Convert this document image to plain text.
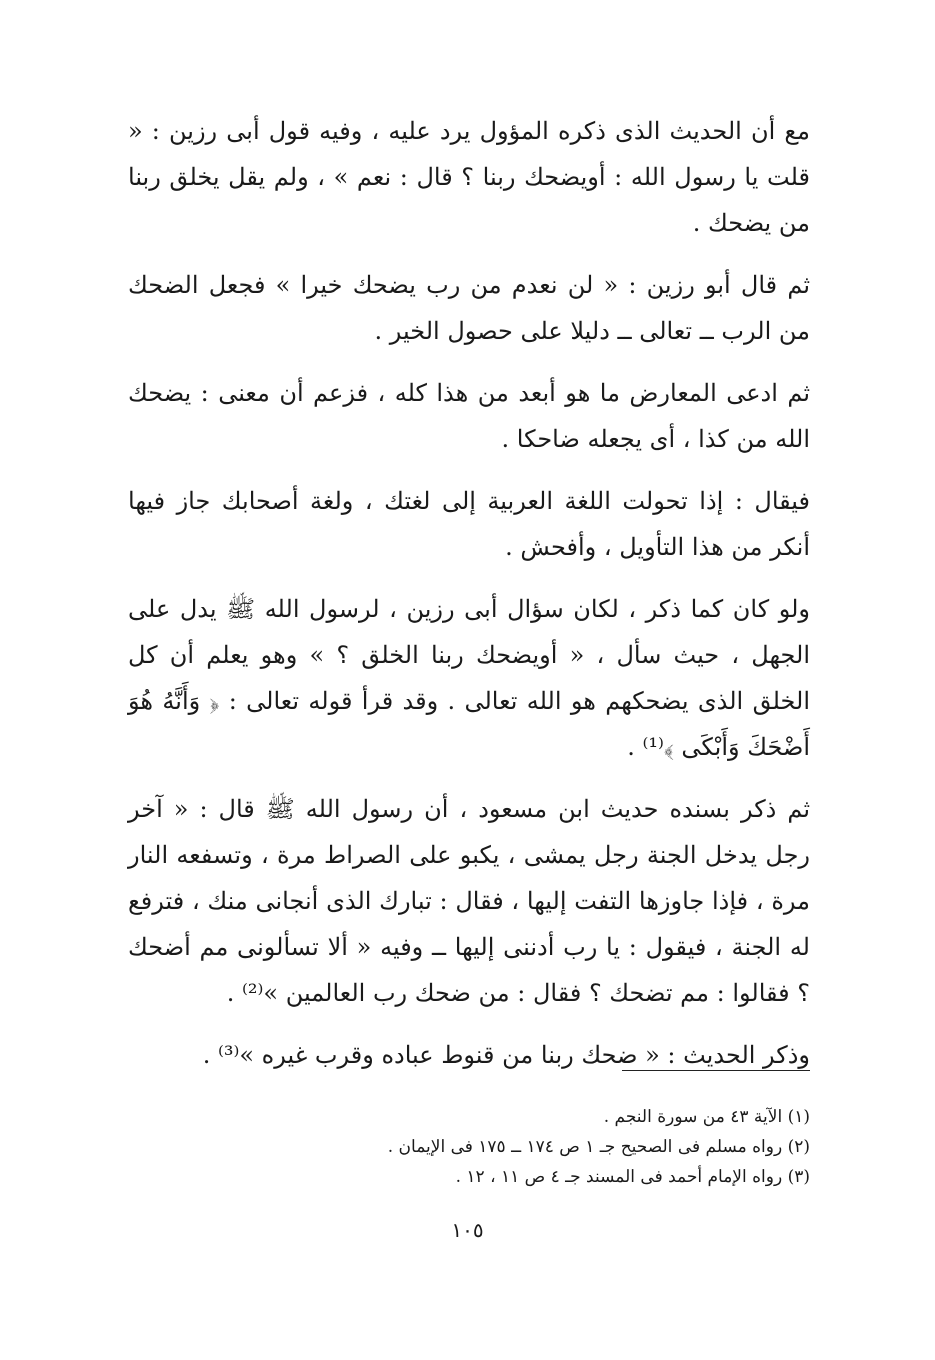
مع أن الحديث الذى ذكره المؤول يرد عليه ، وفيه قول أبى رزين : « قلت يا رسول الله : أويضحك ربنا ؟ قال : نعم » ، ولم يقل يخلق ربنا من يضحك .

ثم قال أبو رزين : « لن نعدم من رب يضحك خيرا » فجعل الضحك من الرب ــ تعالى ــ دليلا على حصول الخير .

ثم ادعى المعارض ما هو أبعد من هذا كله ، فزعم أن معنى : يضحك الله من كذا ، أى يجعله ضاحكا .

فيقال : إذا تحولت اللغة العربية إلى لغتك ، ولغة أصحابك جاز فيها أنكر من هذا التأويل ، وأفحش .

ولو كان كما ذكر ، لكان سؤال أبى رزين ، لرسول الله ﷺ يدل على الجهل ، حيث سأل ، « أويضحك ربنا الخلق ؟ » وهو يعلم أن كل الخلق الذى يضحكهم هو الله تعالى . وقد قرأ قوله تعالى : ﴿ وَأَنَّهُ هُوَ أَضْحَكَ وَأَبْكَى ﴾⁽¹⁾ .

ثم ذكر بسنده حديث ابن مسعود ، أن رسول الله ﷺ قال : « آخر رجل يدخل الجنة رجل يمشى ، يكبو على الصراط مرة ، وتسفعه النار مرة ، فإذا جاوزها التفت إليها ، فقال : تبارك الذى أنجانى منك ، فترفع له الجنة ، فيقول : يا رب أدننى إليها ــ وفيه « ألا تسألونى مم أضحك ؟ فقالوا : مم تضحك ؟ فقال : من ضحك رب العالمين »⁽²⁾ .

وذكر الحديث : « ضحك ربنا من قنوط عباده وقرب غيره »⁽³⁾ .

(١) الآية ٤٣ من سورة النجم .
(٢) رواه مسلم فى الصحيح جـ ١ ص ١٧٤ ــ ١٧٥ فى الإيمان .
(٣) رواه الإمام أحمد فى المسند جـ ٤ ص ١١ ، ١٢ .
١٠٥
